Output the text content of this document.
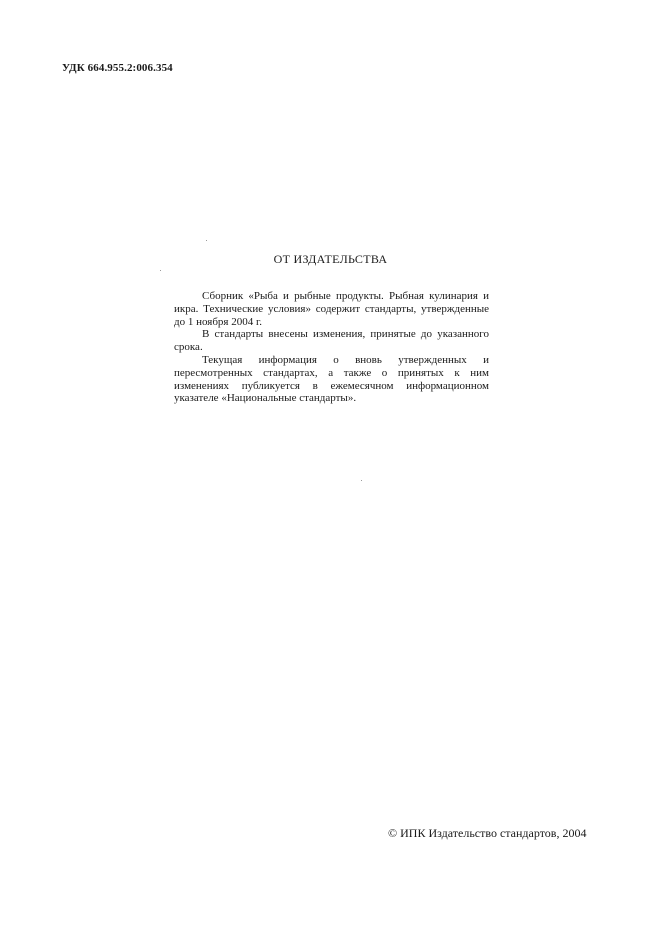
УДК 664.955.2:006.354
ОТ ИЗДАТЕЛЬСТВА

Сборник «Рыба и рыбные продукты. Рыбная кулинария и икра. Технические условия» содержит стандарты, утвержденные до 1 ноября 2004 г.

В стандарты внесены изменения, принятые до указанного срока.

Текущая информация о вновь утвержденных и пересмотренных стандартах, а также о принятых к ним изменениях публикуется в ежемесячном информационном указателе «Национальные стандарты».

© ИПК Издательство стандартов, 2004
